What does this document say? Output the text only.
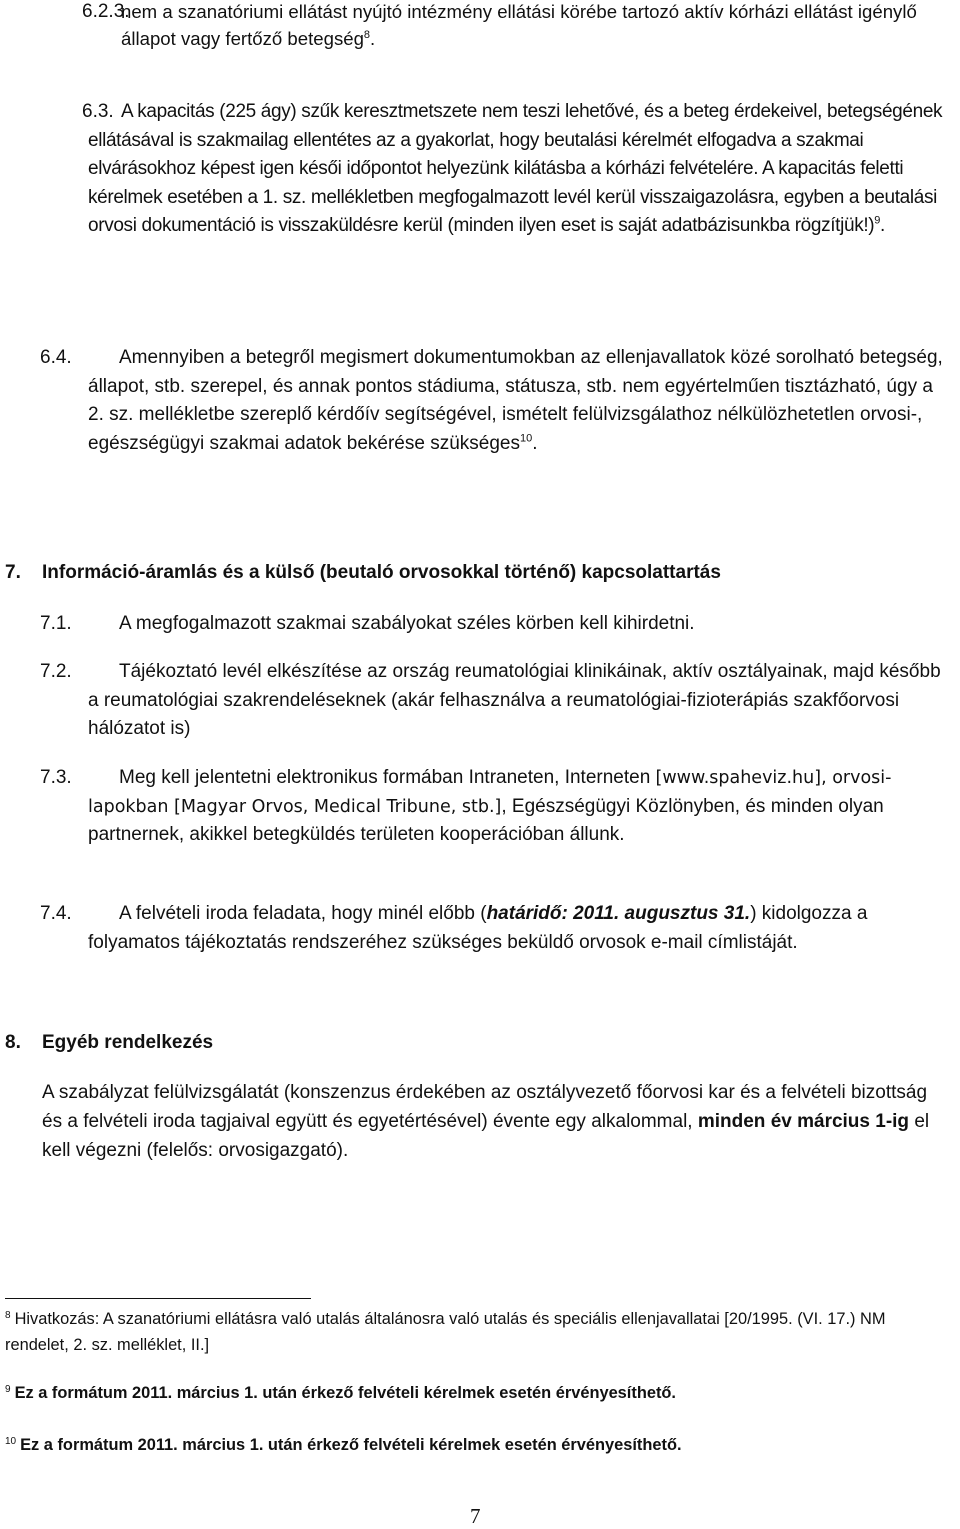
6.2.3.
nem a szanatóriumi ellátást nyújtó intézmény ellátási körébe tartozó aktív kórházi ellátást igénylő állapot vagy fertőző betegség$^8$.
6.3. A kapacitás (225 ágy) szűk keresztmetszete nem teszi lehetővé, és a beteg érdekeivel, betegségének ellátásával is szakmailag ellentétes az a gyakorlat, hogy beutalási kérelmét elfogadva a szakmai elvárásokhoz képest igen késői időpontot helyezünk kilátásba a kórházi felvételére. A kapacitás feletti kérelmek esetében a 1. sz. mellékletben megfogalmazott levél kerül visszaigazolásra, egyben a beutalási orvosi dokumentáció is visszaküldésre kerül (minden ilyen eset is saját adatbázisunkba rögzítjük!)$^9$.
6.4.	Amennyiben a betegről megismert dokumentumokban az ellenjavallatok közé sorolható betegség, állapot, stb. szerepel, és annak pontos stádiuma, státusza, stb. nem egyértelműen tisztázható, úgy a 2. sz. mellékletbe szereplő kérdőív segítségével, ismételt felülvizsgálathoz nélkülözhetetlen orvosi-, egészségügyi szakmai adatok bekérése szükséges$^{10}$.
7. Információ-áramlás és a külső (beutaló orvosokkal történő) kapcsolattartás
7.1. A megfogalmazott szakmai szabályokat széles körben kell kihirdetni.
7.2.	Tájékoztató levél elkészítése az ország reumatológiai klinikáinak, aktív osztályainak, majd később a reumatológiai szakrendeléseknek (akár felhasználva a reumatológiai-fizioterápiás szakfőorvosi hálózatot is)
7.3.	Meg kell jelentetni elektronikus formában Intraneten, Interneten [www.spaheviz.hu], orvosi-lapokban [Magyar Orvos, Medical Tribune, stb.], Egészségügyi Közlönyben, és minden olyan partnernek, akikkel betegküldés területen kooperációban állunk.
7.4.	A felvételi iroda feladata, hogy minél előbb (határidő: 2011. augusztus 31.) kidolgozza a folyamatos tájékoztatás rendszeréhez szükséges beküldő orvosok e-mail címlistáját.
8. Egyéb rendelkezés
A szabályzat felülvizsgálatát (konszenzus érdekében az osztályvezető főorvosi kar és a felvételi bizottság és a felvételi iroda tagjaival együtt és egyetértésével) évente egy alkalommal, minden év március 1-ig el kell végezni (felelős: orvosigazgató).
$^8$ Hivatkozás: A szanatóriumi ellátásra való utalás általánosra való utalás és speciális ellenjavallatai [20/1995. (VI. 17.) NM rendelet, 2. sz. melléklet, II.]
$^9$ Ez a formátum 2011. március 1. után érkező felvételi kérelmek esetén érvényesíthető.
$^{10}$ Ez a formátum 2011. március 1. után érkező felvételi kérelmek esetén érvényesíthető.
7
